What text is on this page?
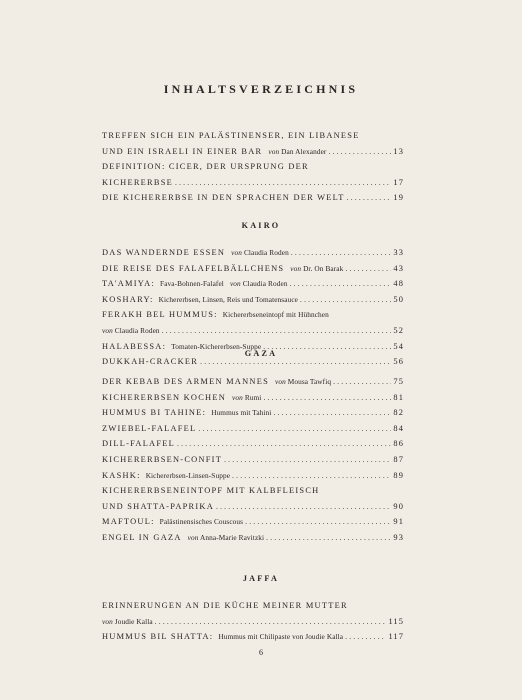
INHALTSVERZEICHNIS
TREFFEN SICH EIN PALÄSTINENSER, EIN LIBANESE
UND EIN ISRAELI IN EINER BAR von Dan Alexander .....	13
DEFINITION: CICER, DER URSPRUNG DER
KICHERERBSE .....	17
DIE KICHERERBSE IN DEN SPRACHEN DER WELT .....	19
KAIRO
DAS WANDERNDE ESSEN von Claudia Roden .....	33
DIE REISE DES FALAFELBÄLLCHENS von Dr. On Barak .....	43
TA'AMIYA: Fava-Bohnen-Falafel von Claudia Roden .....	48
KOSHARY: Kichererbsen, Linsen, Reis und Tomatensauce .....	50
FERAKH BEL HUMMUS: Kichererbseneintopf mit Hühnchen
von Claudia Roden .....	52
HALABESSA: Tomaten-Kichererbsen-Suppe .....	54
DUKKAH-CRACKER .....	56
GAZA
DER KEBAB DES ARMEN MANNES von Mousa Tawfiq .....	75
KICHERERBSEN KOCHEN von Rumi .....	81
HUMMUS BI TAHINE: Hummus mit Tahini .....	82
ZWIEBEL-FALAFEL .....	84
DILL-FALAFEL .....	86
KICHERERBSEN-CONFIT .....	87
KASHK: Kichererbsen-Linsen-Suppe .....	89
KICHERERBSENEINTOPF MIT KALBFLEISCH
UND SHATTA-PAPRIKA .....	90
MAFTOUL: Palästinensisches Couscous .....	91
ENGEL IN GAZA von Anna-Marie Ravitzki .....	93
JAFFA
ERINNERUNGEN AN DIE KÜCHE MEINER MUTTER
von Joudie Kalla .....	115
HUMMUS BIL SHATTA: Hummus mit Chilipaste von Joudie Kalla .....	117
6
